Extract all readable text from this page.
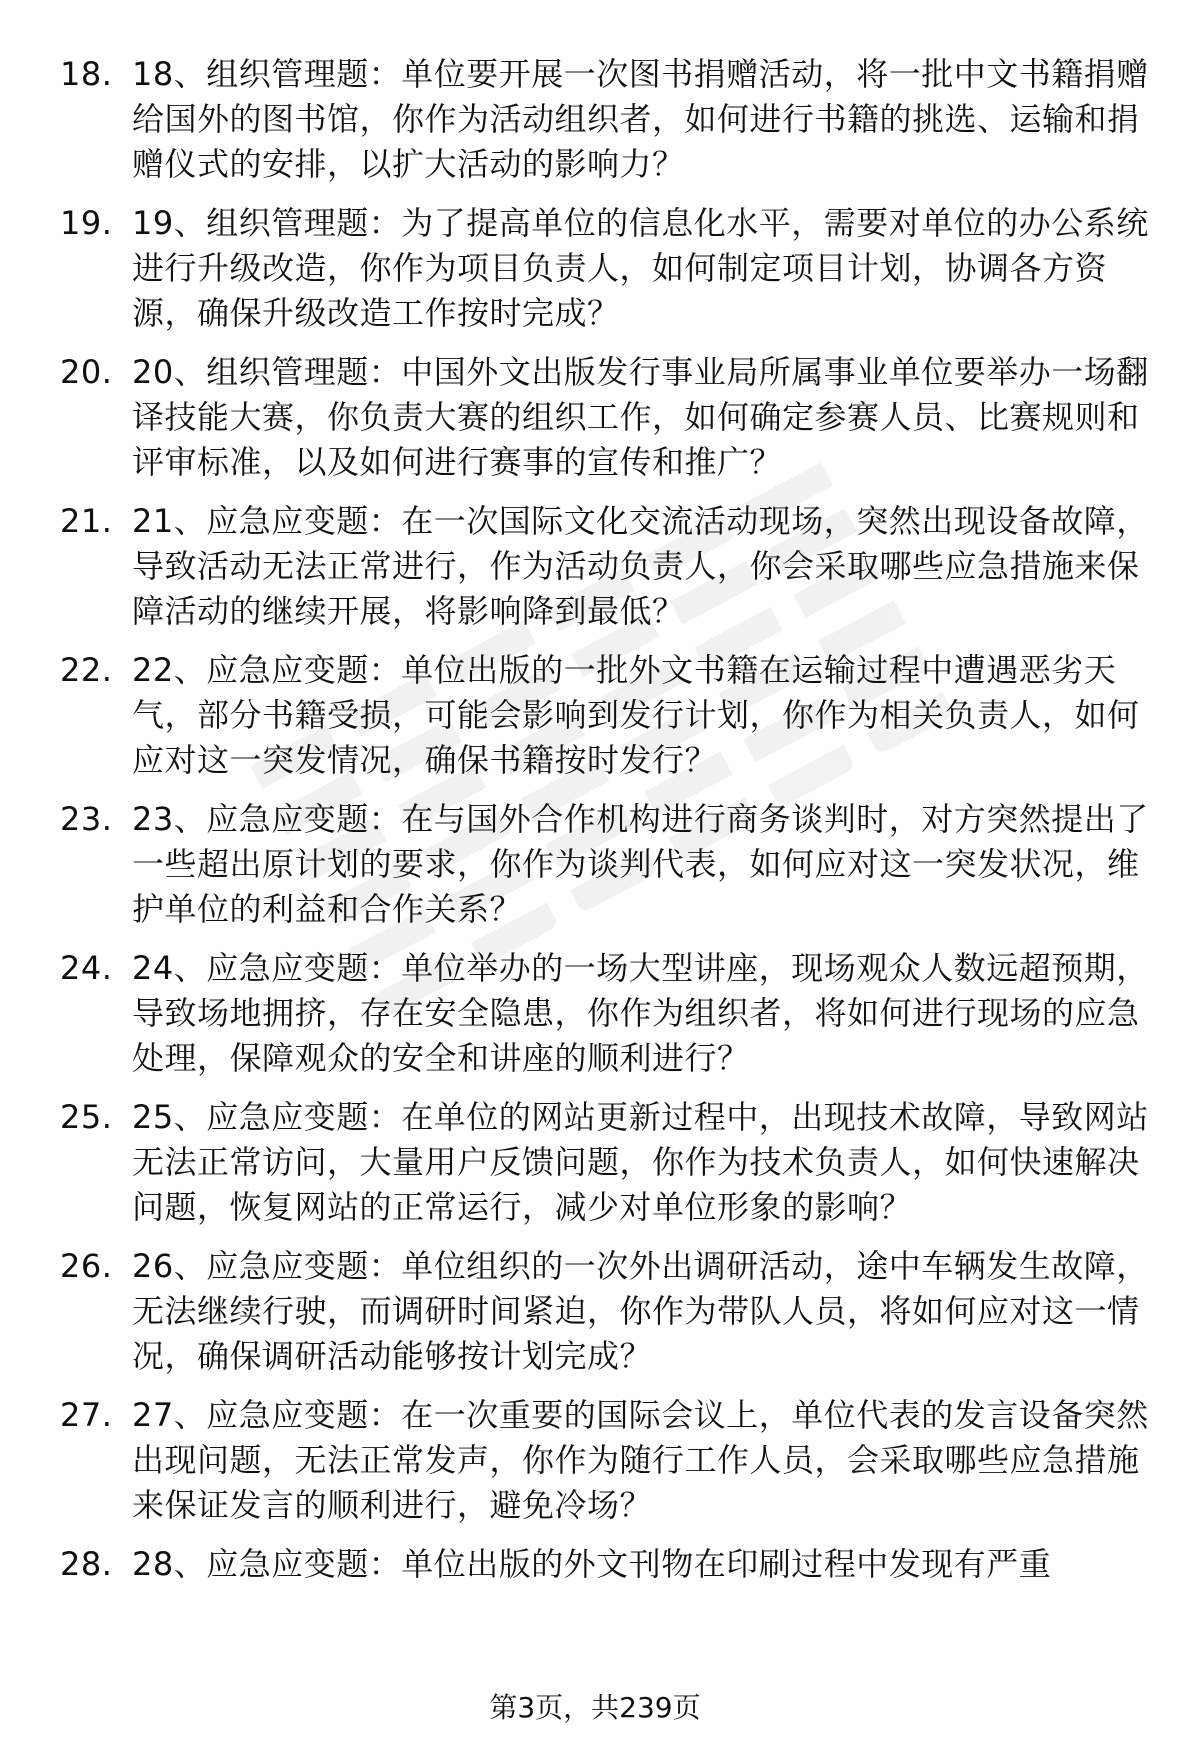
18. 18、组织管理题：单位要开展一次图书捐赠活动，将一批中文书籍捐赠给国外的图书馆，你作为活动组织者，如何进行书籍的挑选、运输和捐赠仪式的安排，以扩大活动的影响力？
19. 19、组织管理题：为了提高单位的信息化水平，需要对单位的办公系统进行升级改造，你作为项目负责人，如何制定项目计划，协调各方资源，确保升级改造工作按时完成？
20. 20、组织管理题：中国外文出版发行事业局所属事业单位要举办一场翻译技能大赛，你负责大赛的组织工作，如何确定参赛人员、比赛规则和评审标准，以及如何进行赛事的宣传和推广？
21. 21、应急应变题：在一次国际文化交流活动现场，突然出现设备故障，导致活动无法正常进行，作为活动负责人，你会采取哪些应急措施来保障活动的继续开展，将影响降到最低？
22. 22、应急应变题：单位出版的一批外文书籍在运输过程中遭遇恶劣天气，部分书籍受损，可能会影响到发行计划，你作为相关负责人，如何应对这一突发情况，确保书籍按时发行？
23. 23、应急应变题：在与国外合作机构进行商务谈判时，对方突然提出了一些超出原计划的要求，你作为谈判代表，如何应对这一突发状况，维护单位的利益和合作关系？
24. 24、应急应变题：单位举办的一场大型讲座，现场观众人数远超预期，导致场地拥挤，存在安全隐患，你作为组织者，将如何进行现场的应急处理，保障观众的安全和讲座的顺利进行？
25. 25、应急应变题：在单位的网站更新过程中，出现技术故障，导致网站无法正常访问，大量用户反馈问题，你作为技术负责人，如何快速解决问题，恢复网站的正常运行，减少对单位形象的影响？
26. 26、应急应变题：单位组织的一次外出调研活动，途中车辆发生故障，无法继续行驶，而调研时间紧迫，你作为带队人员，将如何应对这一情况，确保调研活动能够按计划完成？
27. 27、应急应变题：在一次重要的国际会议上，单位代表的发言设备突然出现问题，无法正常发声，你作为随行工作人员，会采取哪些应急措施来保证发言的顺利进行，避免冷场？
28. 28、应急应变题：单位出版的外文刊物在印刷过程中发现有严重
第3页，共239页
